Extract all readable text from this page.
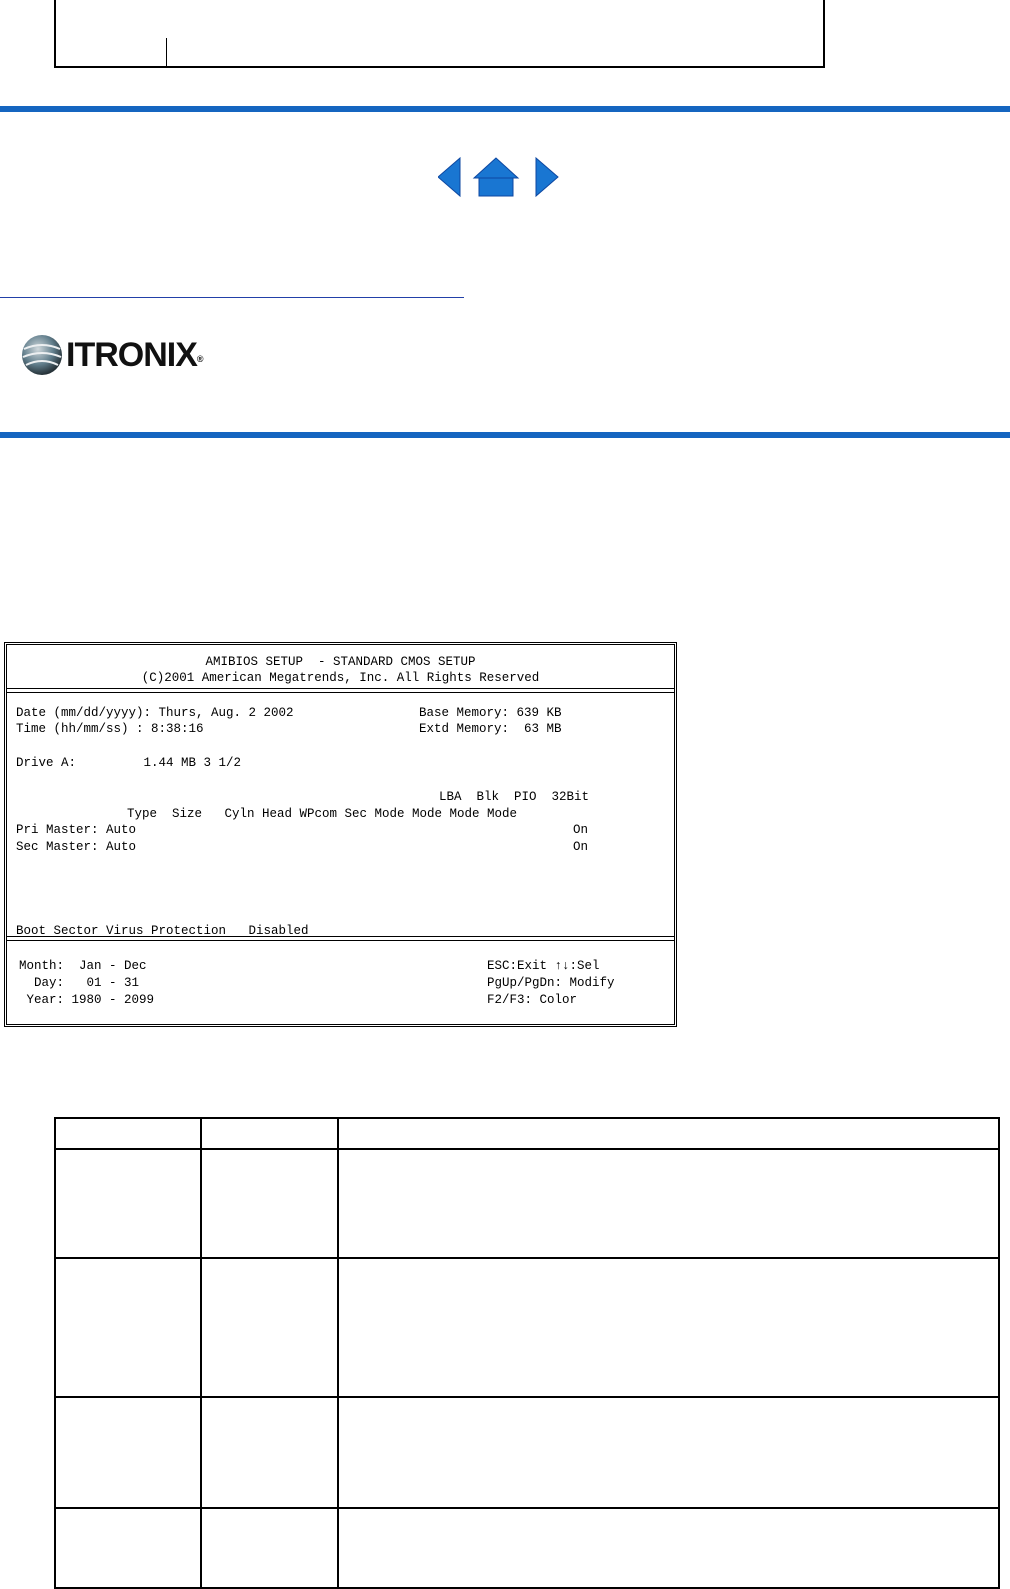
ITRONIX®
AMIBIOS SETUP  - STANDARD CMOS SETUP
(C)2001 American Megatrends, Inc. All Rights Reserved
Date (mm/dd/yyyy): Thurs, Aug. 2 2002	Base Memory: 639 KB
Time (hh/mm/ss) : 8:38:16	Extd Memory:  63 MB
Drive A:         1.44 MB 3 1/2
LBA  Blk  PIO  32Bit
Type  Size   Cyln Head WPcom Sec Mode Mode Mode Mode
Pri Master: Auto	On
Sec Master: Auto	On
Boot Sector Virus Protection   Disabled
Month:  Jan - Dec
Day:   01 - 31
Year: 1980 - 2099
ESC:Exit ↑↓:Sel
PgUp/PgDn: Modify
F2/F3: Color
